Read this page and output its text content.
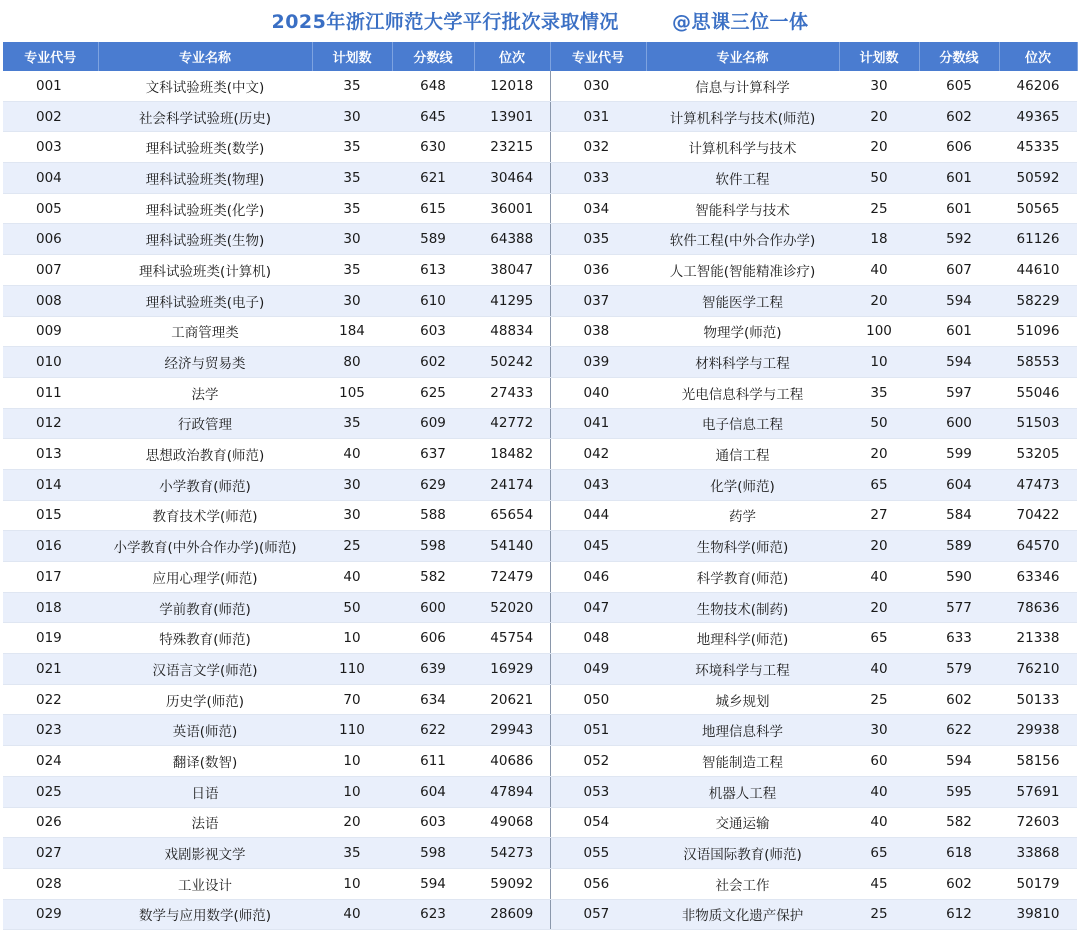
2025年浙江师范大学平行批次录取情况	@思课三位一体
专业代号	专业名称	计划数	分数线	位次	专业代号	专业名称	计划数	分数线	位次
001	文科试验班类(中文)	35	648	12018	030	信息与计算科学	30	605	46206
002	社会科学试验班(历史)	30	645	13901	031	计算机科学与技术(师范)	20	602	49365
003	理科试验班类(数学)	35	630	23215	032	计算机科学与技术	20	606	45335
004	理科试验班类(物理)	35	621	30464	033	软件工程	50	601	50592
005	理科试验班类(化学)	35	615	36001	034	智能科学与技术	25	601	50565
006	理科试验班类(生物)	30	589	64388	035	软件工程(中外合作办学)	18	592	61126
007	理科试验班类(计算机)	35	613	38047	036	人工智能(智能精准诊疗)	40	607	44610
008	理科试验班类(电子)	30	610	41295	037	智能医学工程	20	594	58229
009	工商管理类	184	603	48834	038	物理学(师范)	100	601	51096
010	经济与贸易类	80	602	50242	039	材料科学与工程	10	594	58553
011	法学	105	625	27433	040	光电信息科学与工程	35	597	55046
012	行政管理	35	609	42772	041	电子信息工程	50	600	51503
013	思想政治教育(师范)	40	637	18482	042	通信工程	20	599	53205
014	小学教育(师范)	30	629	24174	043	化学(师范)	65	604	47473
015	教育技术学(师范)	30	588	65654	044	药学	27	584	70422
016	小学教育(中外合作办学)(师范)	25	598	54140	045	生物科学(师范)	20	589	64570
017	应用心理学(师范)	40	582	72479	046	科学教育(师范)	40	590	63346
018	学前教育(师范)	50	600	52020	047	生物技术(制药)	20	577	78636
019	特殊教育(师范)	10	606	45754	048	地理科学(师范)	65	633	21338
021	汉语言文学(师范)	110	639	16929	049	环境科学与工程	40	579	76210
022	历史学(师范)	70	634	20621	050	城乡规划	25	602	50133
023	英语(师范)	110	622	29943	051	地理信息科学	30	622	29938
024	翻译(数智)	10	611	40686	052	智能制造工程	60	594	58156
025	日语	10	604	47894	053	机器人工程	40	595	57691
026	法语	20	603	49068	054	交通运输	40	582	72603
027	戏剧影视文学	35	598	54273	055	汉语国际教育(师范)	65	618	33868
028	工业设计	10	594	59092	056	社会工作	45	602	50179
029	数学与应用数学(师范)	40	623	28609	057	非物质文化遗产保护	25	612	39810
